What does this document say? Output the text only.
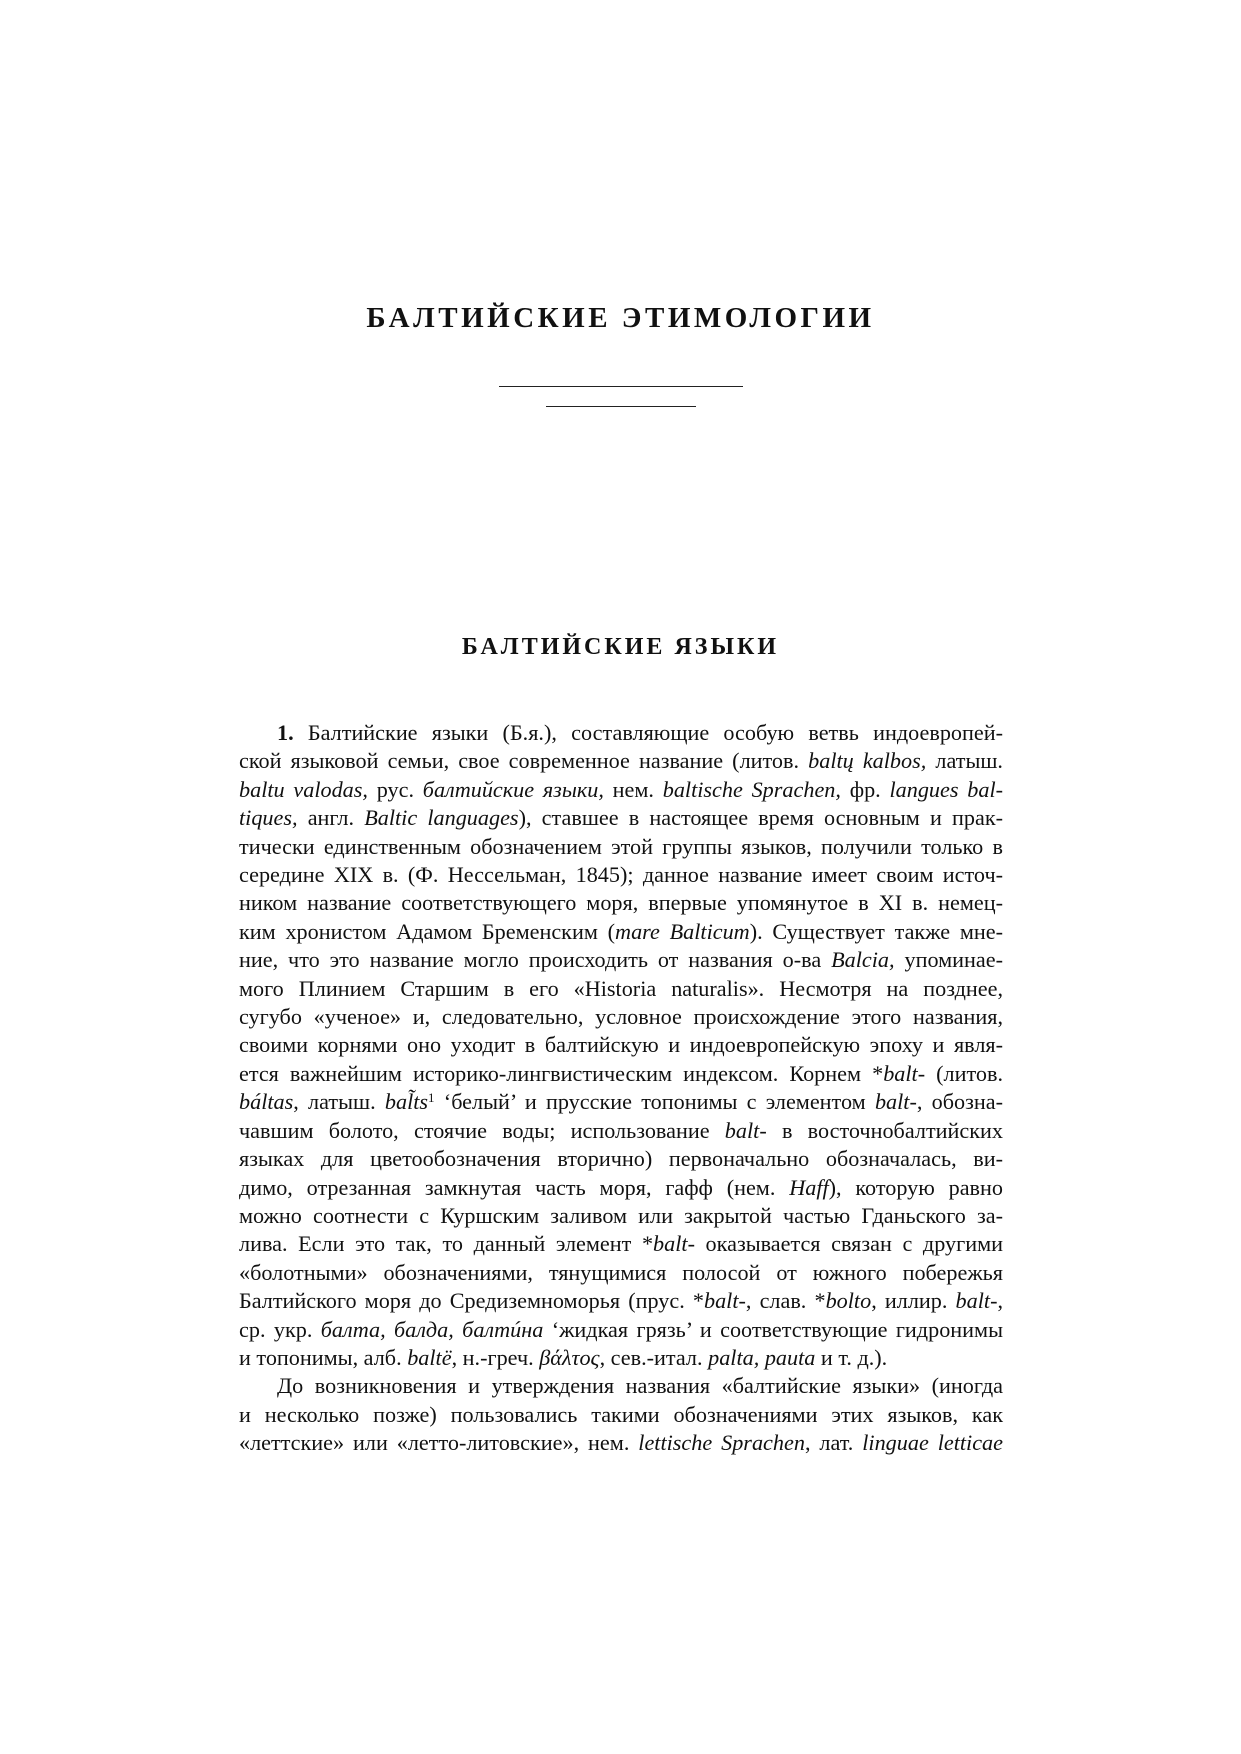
БАЛТИЙСКИЕ ЭТИМОЛОГИИ
БАЛТИЙСКИЕ ЯЗЫКИ

1. Балтийские языки (Б.я.), составляющие особую ветвь индоевропей-
ской языковой семьи, свое современное название (литов. baltų kalbos, латыш.
baltu valodas, рус. балтийские языки, нем. baltische Sprachen, фр. langues bal-
tiques, англ. Baltic languages), ставшее в настоящее время основным и прак-
тически единственным обозначением этой группы языков, получили только в
середине XIX в. (Ф. Нессельман, 1845); данное название имеет своим источ-
ником название соответствующего моря, впервые упомянутое в XI в. немец-
ким хронистом Адамом Бременским (mare Balticum). Существует также мне-
ние, что это название могло происходить от названия о-ва Balcia, упоминае-
мого Плинием Старшим в его «Historia naturalis». Несмотря на позднее,
сугубо «ученое» и, следовательно, условное происхождение этого названия,
своими корнями оно уходит в балтийскую и индоевропейскую эпоху и явля-
ется важнейшим историко-лингвистическим индексом. Корнем *balt- (литов.
báltas, латыш. $bal̃ts^1$ ʻбелый’ и прусские топонимы с элементом balt-, обозна-
чавшим болото, стоячие воды; использование balt- в восточнобалтийских
языках для цветообозначения вторично) первоначально обозначалась, ви-
димо, отрезанная замкнутая часть моря, гафф (нем. Haff), которую равно
можно соотнести с Куршским заливом или закрытой частью Гданьского за-
лива. Если это так, то данный элемент *balt- оказывается связан с другими
«болотными» обозначениями, тянущимися полосой от южного побережья
Балтийского моря до Средиземноморья (прус. *balt-, слав. *bolto, иллир. balt-,
ср. укр. балта, балда, балтúна ʻжидкая грязь’ и соответствующие гидронимы
и топонимы, алб. baltë, н.-греч. βάλτος, сев.-итал. palta, pauta и т. д.).

До возникновения и утверждения названия «балтийские языки» (иногда
и несколько позже) пользовались такими обозначениями этих языков, как
«леттские» или «летто-литовские», нем. lettische Sprachen, лат. linguae letticae
